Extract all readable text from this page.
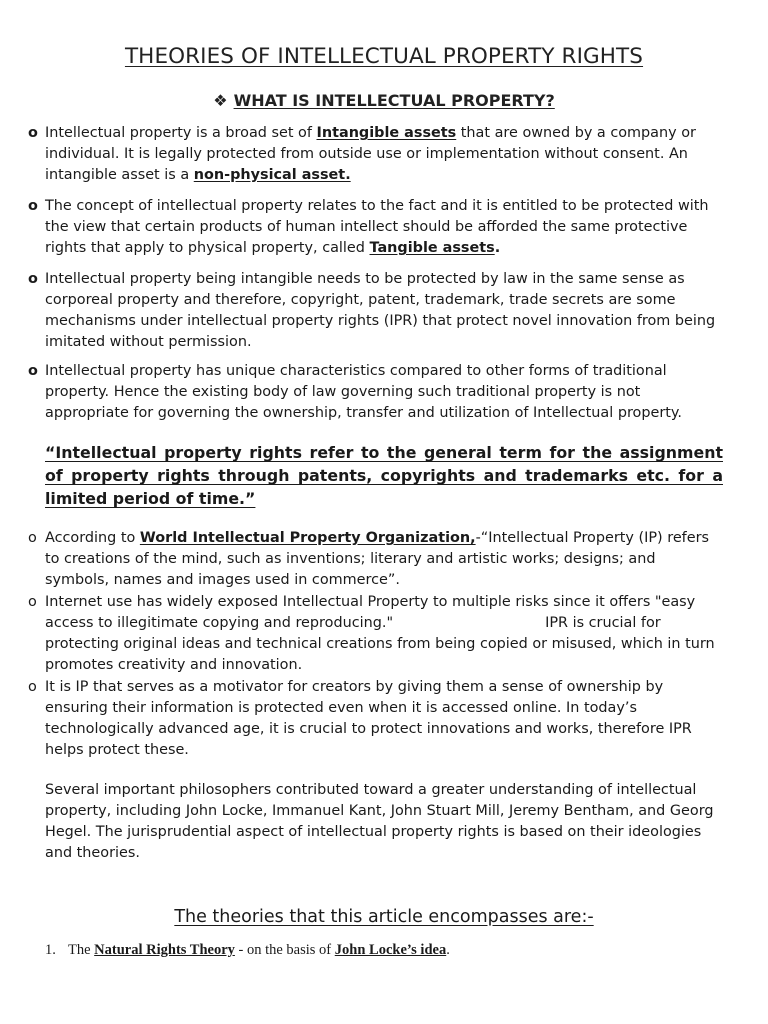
THEORIES OF INTELLECTUAL PROPERTY RIGHTS
❖ WHAT IS INTELLECTUAL PROPERTY?
o Intellectual property is a broad set of Intangible assets that are owned by a company or individual. It is legally protected from outside use or implementation without consent. An intangible asset is a non-physical asset.
o The concept of intellectual property relates to the fact and it is entitled to be protected with the view that certain products of human intellect should be afforded the same protective rights that apply to physical property, called Tangible assets.
o Intellectual property being intangible needs to be protected by law in the same sense as corporeal property and therefore, copyright, patent, trademark, trade secrets are some mechanisms under intellectual property rights (IPR) that protect novel innovation from being imitated without permission.
o Intellectual property has unique characteristics compared to other forms of traditional property. Hence the existing body of law governing such traditional property is not appropriate for governing the ownership, transfer and utilization of Intellectual property.
“Intellectual property rights refer to the general term for the assignment of property rights through patents, copyrights and trademarks etc. for a limited period of time.”
o According to World Intellectual Property Organization,-“Intellectual Property (IP) refers to creations of the mind, such as inventions; literary and artistic works; designs; and symbols, names and images used in commerce”.
o Internet use has widely exposed Intellectual Property to multiple risks since it offers "easy access to illegitimate copying and reproducing."	IPR is crucial for protecting original ideas and technical creations from being copied or misused, which in turn promotes creativity and innovation.
o It is IP that serves as a motivator for creators by giving them a sense of ownership by ensuring their information is protected even when it is accessed online. In today’s technologically advanced age, it is crucial to protect innovations and works, therefore IPR helps protect these.
Several important philosophers contributed toward a greater understanding of intellectual property, including John Locke, Immanuel Kant, John Stuart Mill, Jeremy Bentham, and Georg Hegel. The jurisprudential aspect of intellectual property rights is based on their ideologies and theories.
The theories that this article encompasses are:-
1. The Natural Rights Theory - on the basis of John Locke’s idea.
